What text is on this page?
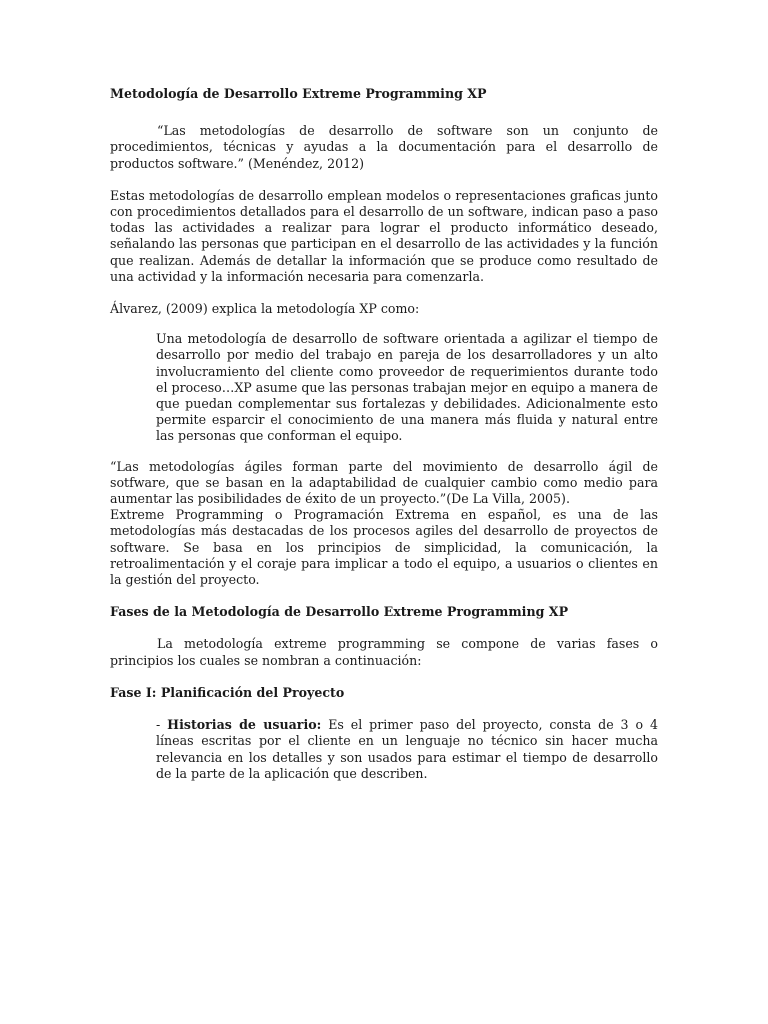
Metodología de Desarrollo Extreme Programming XP

“Las metodologías de desarrollo de software son un conjunto de procedimientos, técnicas y ayudas a la documentación para el desarrollo de productos software.” (Menéndez, 2012)

Estas metodologías de desarrollo emplean modelos o representaciones graficas junto con procedimientos detallados para el desarrollo de un software, indican paso a paso todas las actividades a realizar para lograr el producto informático deseado, señalando las personas que participan en el desarrollo de las actividades y la función que realizan. Además de detallar la información que se produce como resultado de una actividad y la información necesaria para comenzarla.

Álvarez, (2009) explica la metodología XP como:

Una metodología de desarrollo de software orientada a agilizar el tiempo de desarrollo por medio del trabajo en pareja de los desarrolladores y un alto involucramiento del cliente como proveedor de requerimientos durante todo el proceso…XP asume que las personas trabajan mejor en equipo a manera de que puedan complementar sus fortalezas y debilidades. Adicionalmente esto permite esparcir el conocimiento de una manera más fluida y natural entre las personas que conforman el equipo.

“Las metodologías ágiles forman parte del movimiento de desarrollo ágil de sotfware, que se basan en la adaptabilidad de cualquier cambio como medio para aumentar las posibilidades de éxito de un proyecto.”(De La Villa, 2005).

Extreme Programming o Programación Extrema en español, es una de las metodologías más destacadas de los procesos agiles del desarrollo de proyectos de software. Se basa en los principios de simplicidad, la comunicación, la retroalimentación y el coraje para implicar a todo el equipo, a usuarios o clientes en la gestión del proyecto.

Fases de la Metodología de Desarrollo Extreme Programming XP

La metodología extreme programming se compone de varias fases o principios los cuales se nombran a continuación:

Fase I: Planificación del Proyecto

- Historias de usuario: Es el primer paso del proyecto, consta de 3 o 4 líneas escritas por el cliente en un lenguaje no técnico sin hacer mucha relevancia en los detalles y son usados para estimar el tiempo de desarrollo de la parte de la aplicación que describen.
